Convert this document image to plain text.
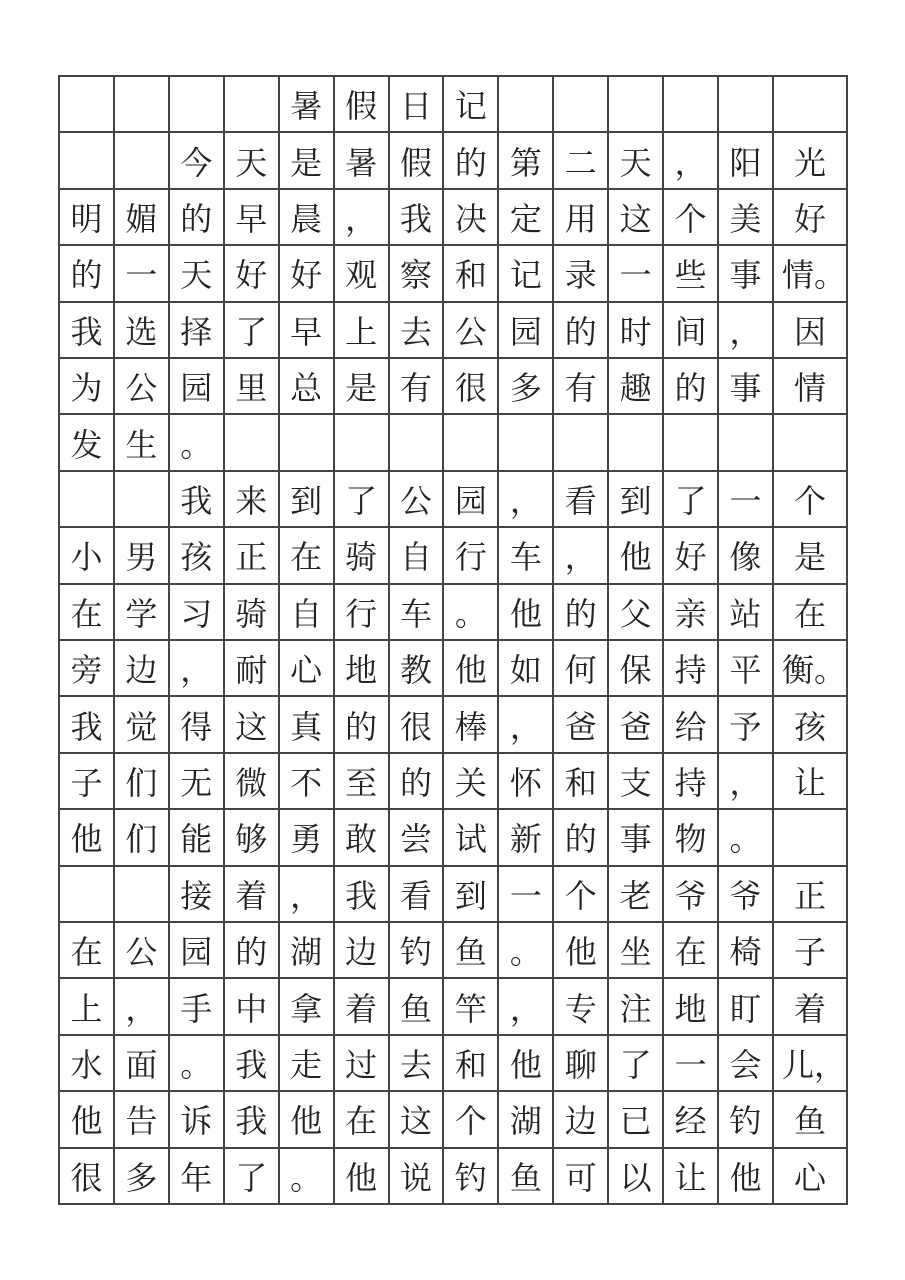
暑 假 日 记
今 天 是 暑 假 的 第 二 天 ， 阳	光
明 媚 的 早 晨 ， 我 决 定 用 这 个 美	好
的 一 天 好 好 观 察 和 记 录 一 些 事 情。
我 选 择 了 早 上 去 公 园 的 时 间 ，	因
为 公 园 里 总 是 有 很 多 有 趣 的 事	情
发 生 。
我 来 到 了 公 园 ， 看 到 了 一	个
小 男 孩 正 在 骑 自 行 车 ， 他 好 像	是
在 学 习 骑 自 行 车 。 他 的 父 亲 站	在
旁 边 ， 耐 心 地 教 他 如 何 保 持 平 衡。
我 觉 得 这 真 的 很 棒 ， 爸 爸 给 予	孩
子 们 无 微 不 至 的 关 怀 和 支 持 ，	让
他 们 能 够 勇 敢 尝 试 新 的 事 物 。
接 着 ， 我 看 到 一 个 老 爷 爷	正
在 公 园 的 湖 边 钓 鱼 。 他 坐 在 椅	子
上 ， 手 中 拿 着 鱼 竿 ， 专 注 地 盯	着
水 面 。 我 走 过 去 和 他 聊 了 一 会 儿，
他 告 诉 我 他 在 这 个 湖 边 已 经 钓	鱼
很 多 年 了 。 他 说 钓 鱼 可 以 让 他	心
